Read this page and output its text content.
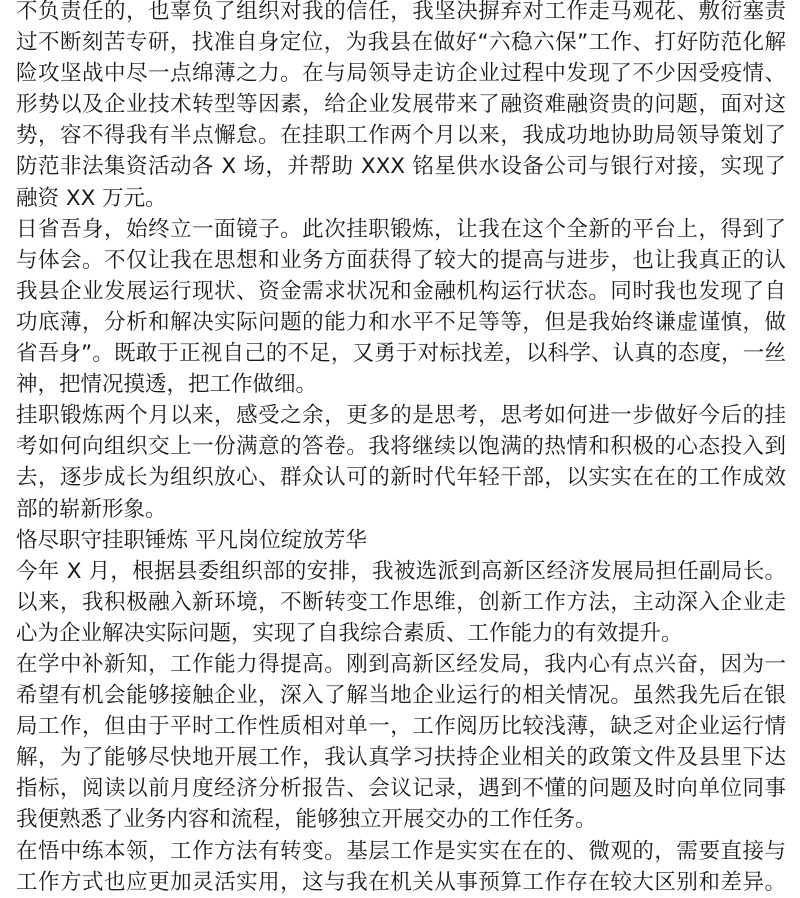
不负责任的，也辜负了组织对我的信任，我坚决摒弃对工作走马观花、敷衍塞责
过不断刻苦专研，找准自身定位，为我县在做好“六稳六保”工作、打好防范化解
险攻坚战中尽一点绵薄之力。在与局领导走访企业过程中发现了不少因受疫情、
形势以及企业技术转型等因素，给企业发展带来了融资难融资贵的问题，面对这
势，容不得我有半点懈怠。在挂职工作两个月以来，我成功地协助局领导策划了
防范非法集资活动各 X 场，并帮助 XXX 铭星供水设备公司与银行对接，实现了
融资 XX 万元。
日省吾身，始终立一面镜子。此次挂职锻炼，让我在这个全新的平台上，得到了
与体会。不仅让我在思想和业务方面获得了较大的提高与进步，也让我真正的认
我县企业发展运行现状、资金需求状况和金融机构运行状态。同时我也发现了自
功底薄，分析和解决实际问题的能力和水平不足等等，但是我始终谦虚谨慎，做
省吾身”。既敢于正视自己的不足，又勇于对标找差，以科学、认真的态度，一丝
神，把情况摸透，把工作做细。
挂职锻炼两个月以来，感受之余，更多的是思考，思考如何进一步做好今后的挂
考如何向组织交上一份满意的答卷。我将继续以饱满的热情和积极的心态投入到
去，逐步成长为组织放心、群众认可的新时代年轻干部，以实实在在的工作成效
部的崭新形象。
恪尽职守挂职锤炼 平凡岗位绽放芳华
今年 X 月，根据县委组织部的安排，我被选派到高新区经济发展局担任副局长。
以来，我积极融入新环境，不断转变工作思维，创新工作方法，主动深入企业走
心为企业解决实际问题，实现了自我综合素质、工作能力的有效提升。
在学中补新知，工作能力得提高。刚到高新区经发局，我内心有点兴奋，因为一
希望有机会能够接触企业，深入了解当地企业运行的相关情况。虽然我先后在银
局工作，但由于平时工作性质相对单一，工作阅历比较浅薄，缺乏对企业运行情
解，为了能够尽快地开展工作，我认真学习扶持企业相关的政策文件及县里下达
指标，阅读以前月度经济分析报告、会议记录，遇到不懂的问题及时向单位同事
我便熟悉了业务内容和流程，能够独立开展交办的工作任务。
在悟中练本领，工作方法有转变。基层工作是实实在在的、微观的，需要直接与
工作方式也应更加灵活实用，这与我在机关从事预算工作存在较大区别和差异。
